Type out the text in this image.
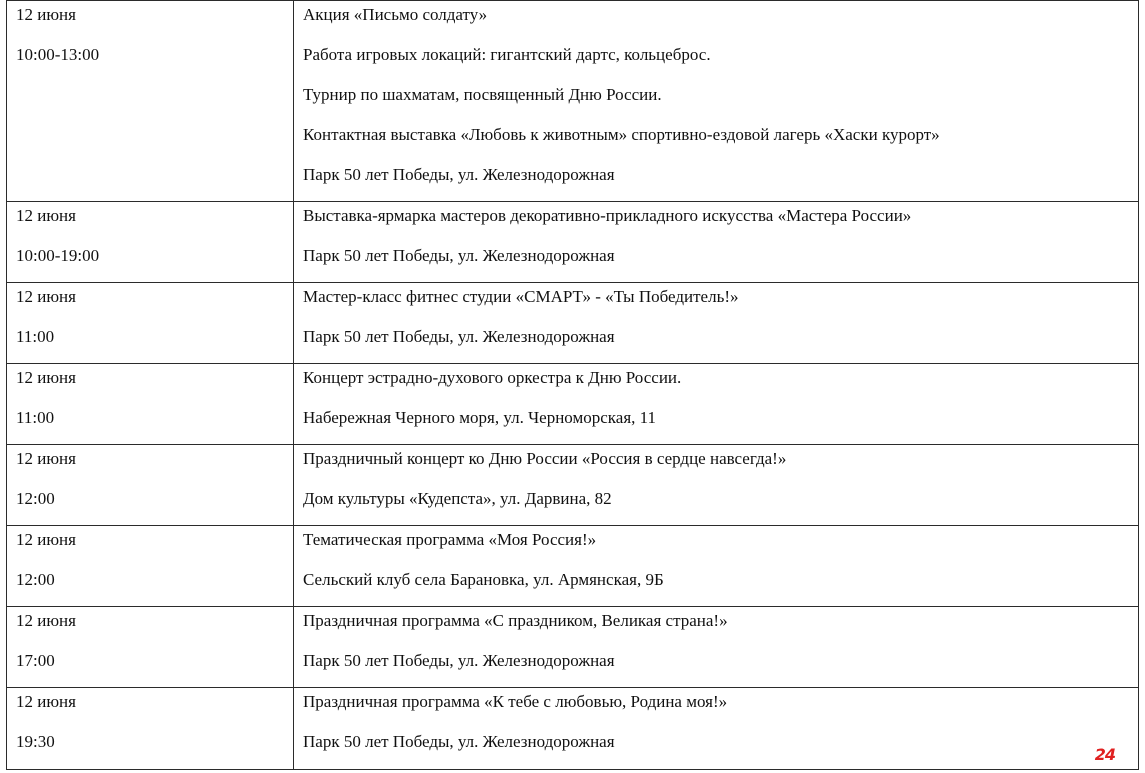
12 июня
10:00-13:00	Акция «Письмо солдату»
Работа игровых локаций: гигантский дартс, кольцеброс.
Турнир по шахматам, посвященный Дню России.
Контактная выставка «Любовь к животным» спортивно-ездовой лагерь «Хаски курорт»
Парк 50 лет Победы, ул. Железнодорожная

12 июня
10:00-19:00	Выставка-ярмарка мастеров декоративно-прикладного искусства «Мастера России»
Парк 50 лет Победы, ул. Железнодорожная

12 июня
11:00	Мастер-класс фитнес студии «СМАРТ» - «Ты Победитель!»
Парк 50 лет Победы, ул. Железнодорожная

12 июня
11:00	Концерт эстрадно-духового оркестра к Дню России.
Набережная Черного моря, ул. Черноморская, 11

12 июня
12:00	Праздничный концерт ко Дню России «Россия в сердце навсегда!»
Дом культуры «Кудепста», ул. Дарвина, 82

12 июня
12:00	Тематическая программа «Моя Россия!»
Сельский клуб села Барановка, ул. Армянская, 9Б

12 июня
17:00	Праздничная программа «С праздником, Великая страна!»
Парк 50 лет Победы, ул. Железнодорожная

12 июня
19:30	Праздничная программа «К тебе с любовью, Родина моя!»
Парк 50 лет Победы, ул. Железнодорожная
24
